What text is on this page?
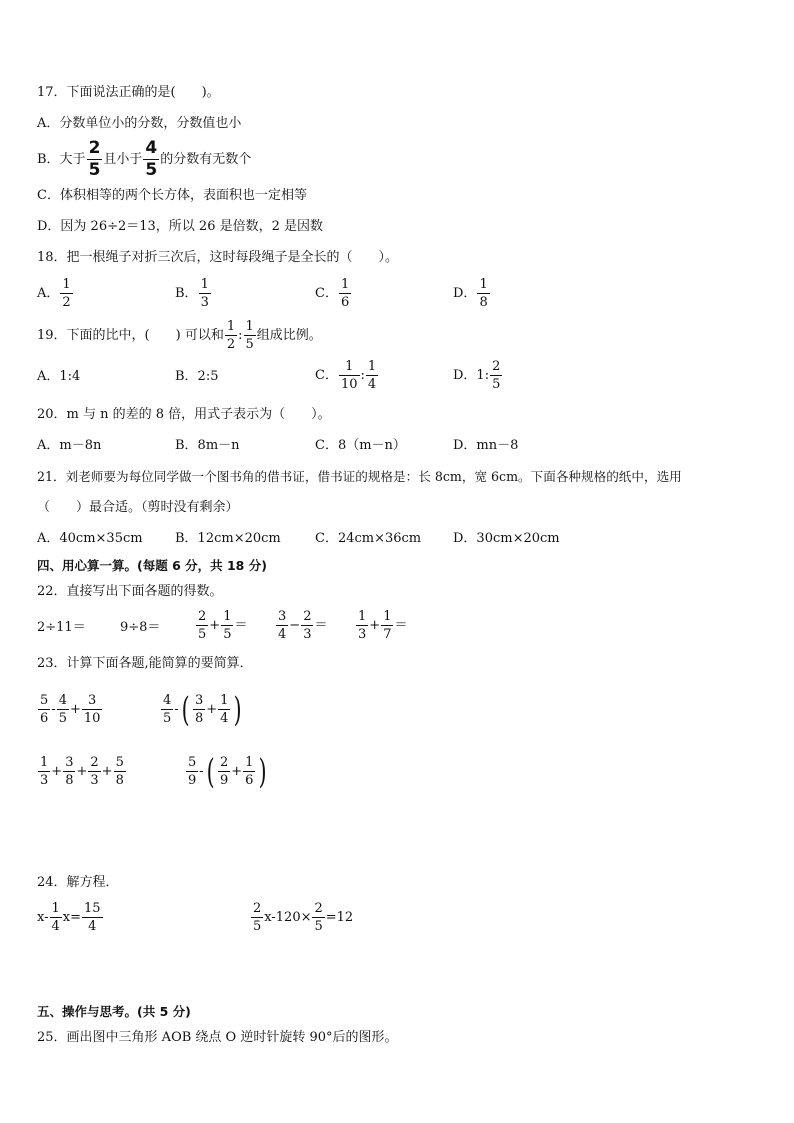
17．下面说法正确的是(　　)。
A．分数单位小的分数，分数值也小
B．大于 $\frac{2}{5}$ 且小于 $\frac{4}{5}$ 的分数有无数个
C．体积相等的两个长方体，表面积也一定相等
D．因为 26÷2＝13，所以 26 是倍数，2 是因数
18．把一根绳子对折三次后，这时每段绳子是全长的（　　）。
A． $\frac{1}{2}$	B． $\frac{1}{3}$	C． $\frac{1}{6}$	D． $\frac{1}{8}$
19．下面的比中，(　　) 可以和 $\frac{1}{2}$ : $\frac{1}{5}$ 组成比例。
A．1:4	B．2:5	C． $\frac{1}{10}$ : $\frac{1}{4}$	D．1: $\frac{2}{5}$
20．m 与 n 的差的 8 倍，用式子表示为（　　）。
A．m－8n	B．8m－n	C．8（m－n）	D．mn－8
21．刘老师要为每位同学做一个图书角的借书证，借书证的规格是：长 8cm，宽 6cm。下面各种规格的纸中，选用
（　　）最合适。（剪时没有剩余）
A．40cm×35cm B．12cm×20cm	C．24cm×36cm D．30cm×20cm
四、用心算一算。(每题 6 分，共 18 分)
22．直接写出下面各题的得数。
2÷11＝	9÷8＝	$\frac{2}{5} + \frac{1}{5} = \frac{3}{4} - \frac{2}{3} = \frac{1}{3} + \frac{1}{7}$ ＝
23．计算下面各题,能简算的要简算．
$\frac{5}{6} - \frac{4}{5} + \frac{3}{10}$	$\frac{4}{5}$ -( $\frac{3}{8} + \frac{1}{4}$ )
$\frac{1}{3} + \frac{3}{8} + \frac{2}{3} + \frac{5}{8}$	$\frac{5}{9}$ -( $\frac{2}{9} + \frac{1}{6}$ )
24．解方程．
$x- \frac{1}{4} x= \frac{15}{4}$	$\frac{2}{5} x-120\times \frac{2}{5} =12$
五、操作与思考。(共 5 分)
25．画出图中三角形 AOB 绕点 O 逆时针旋转 90°后的图形。
